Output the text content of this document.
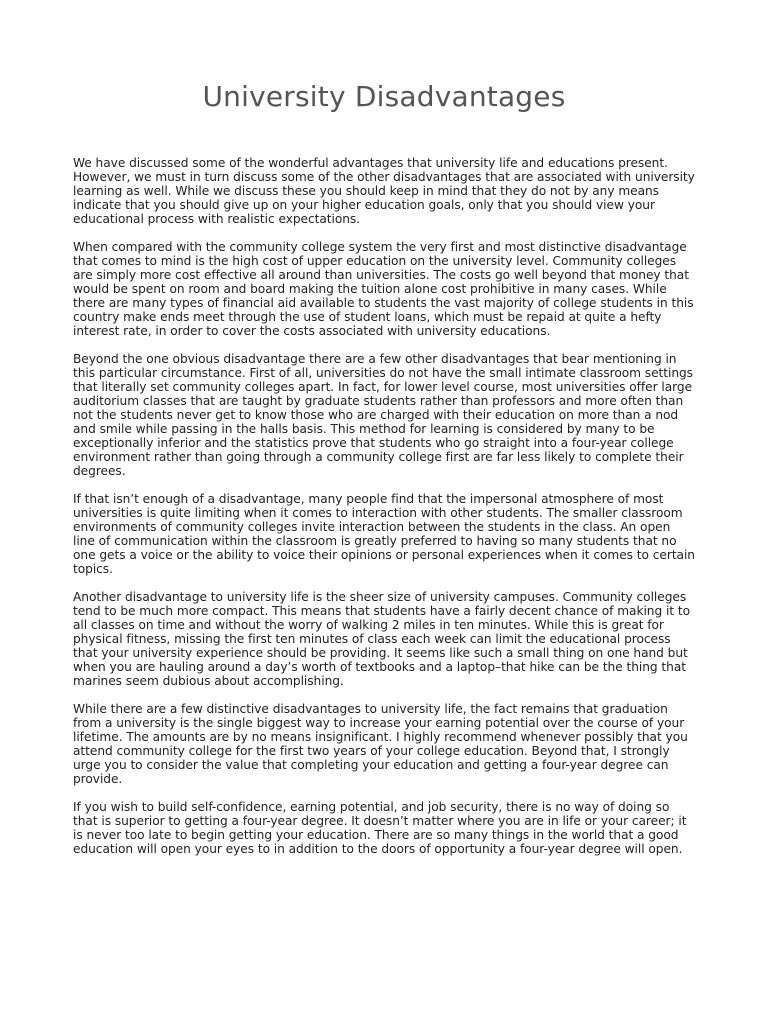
University Disadvantages

We have discussed some of the wonderful advantages that university life and educations present. However, we must in turn discuss some of the other disadvantages that are associated with university learning as well. While we discuss these you should keep in mind that they do not by any means indicate that you should give up on your higher education goals, only that you should view your educational process with realistic expectations.

When compared with the community college system the very first and most distinctive disadvantage that comes to mind is the high cost of upper education on the university level. Community colleges are simply more cost effective all around than universities. The costs go well beyond that money that would be spent on room and board making the tuition alone cost prohibitive in many cases. While there are many types of financial aid available to students the vast majority of college students in this country make ends meet through the use of student loans, which must be repaid at quite a hefty interest rate, in order to cover the costs associated with university educations.

Beyond the one obvious disadvantage there are a few other disadvantages that bear mentioning in this particular circumstance. First of all, universities do not have the small intimate classroom settings that literally set community colleges apart. In fact, for lower level course, most universities offer large auditorium classes that are taught by graduate students rather than professors and more often than not the students never get to know those who are charged with their education on more than a nod and smile while passing in the halls basis. This method for learning is considered by many to be exceptionally inferior and the statistics prove that students who go straight into a four-year college environment rather than going through a community college first are far less likely to complete their degrees.

If that isn’t enough of a disadvantage, many people find that the impersonal atmosphere of most universities is quite limiting when it comes to interaction with other students. The smaller classroom environments of community colleges invite interaction between the students in the class. An open line of communication within the classroom is greatly preferred to having so many students that no one gets a voice or the ability to voice their opinions or personal experiences when it comes to certain topics.

Another disadvantage to university life is the sheer size of university campuses. Community colleges tend to be much more compact. This means that students have a fairly decent chance of making it to all classes on time and without the worry of walking 2 miles in ten minutes. While this is great for physical fitness, missing the first ten minutes of class each week can limit the educational process that your university experience should be providing. It seems like such a small thing on one hand but when you are hauling around a day’s worth of textbooks and a laptop–that hike can be the thing that marines seem dubious about accomplishing.

While there are a few distinctive disadvantages to university life, the fact remains that graduation from a university is the single biggest way to increase your earning potential over the course of your lifetime. The amounts are by no means insignificant. I highly recommend whenever possibly that you attend community college for the first two years of your college education. Beyond that, I strongly urge you to consider the value that completing your education and getting a four-year degree can provide.

If you wish to build self-confidence, earning potential, and job security, there is no way of doing so that is superior to getting a four-year degree. It doesn’t matter where you are in life or your career; it is never too late to begin getting your education. There are so many things in the world that a good education will open your eyes to in addition to the doors of opportunity a four-year degree will open.
